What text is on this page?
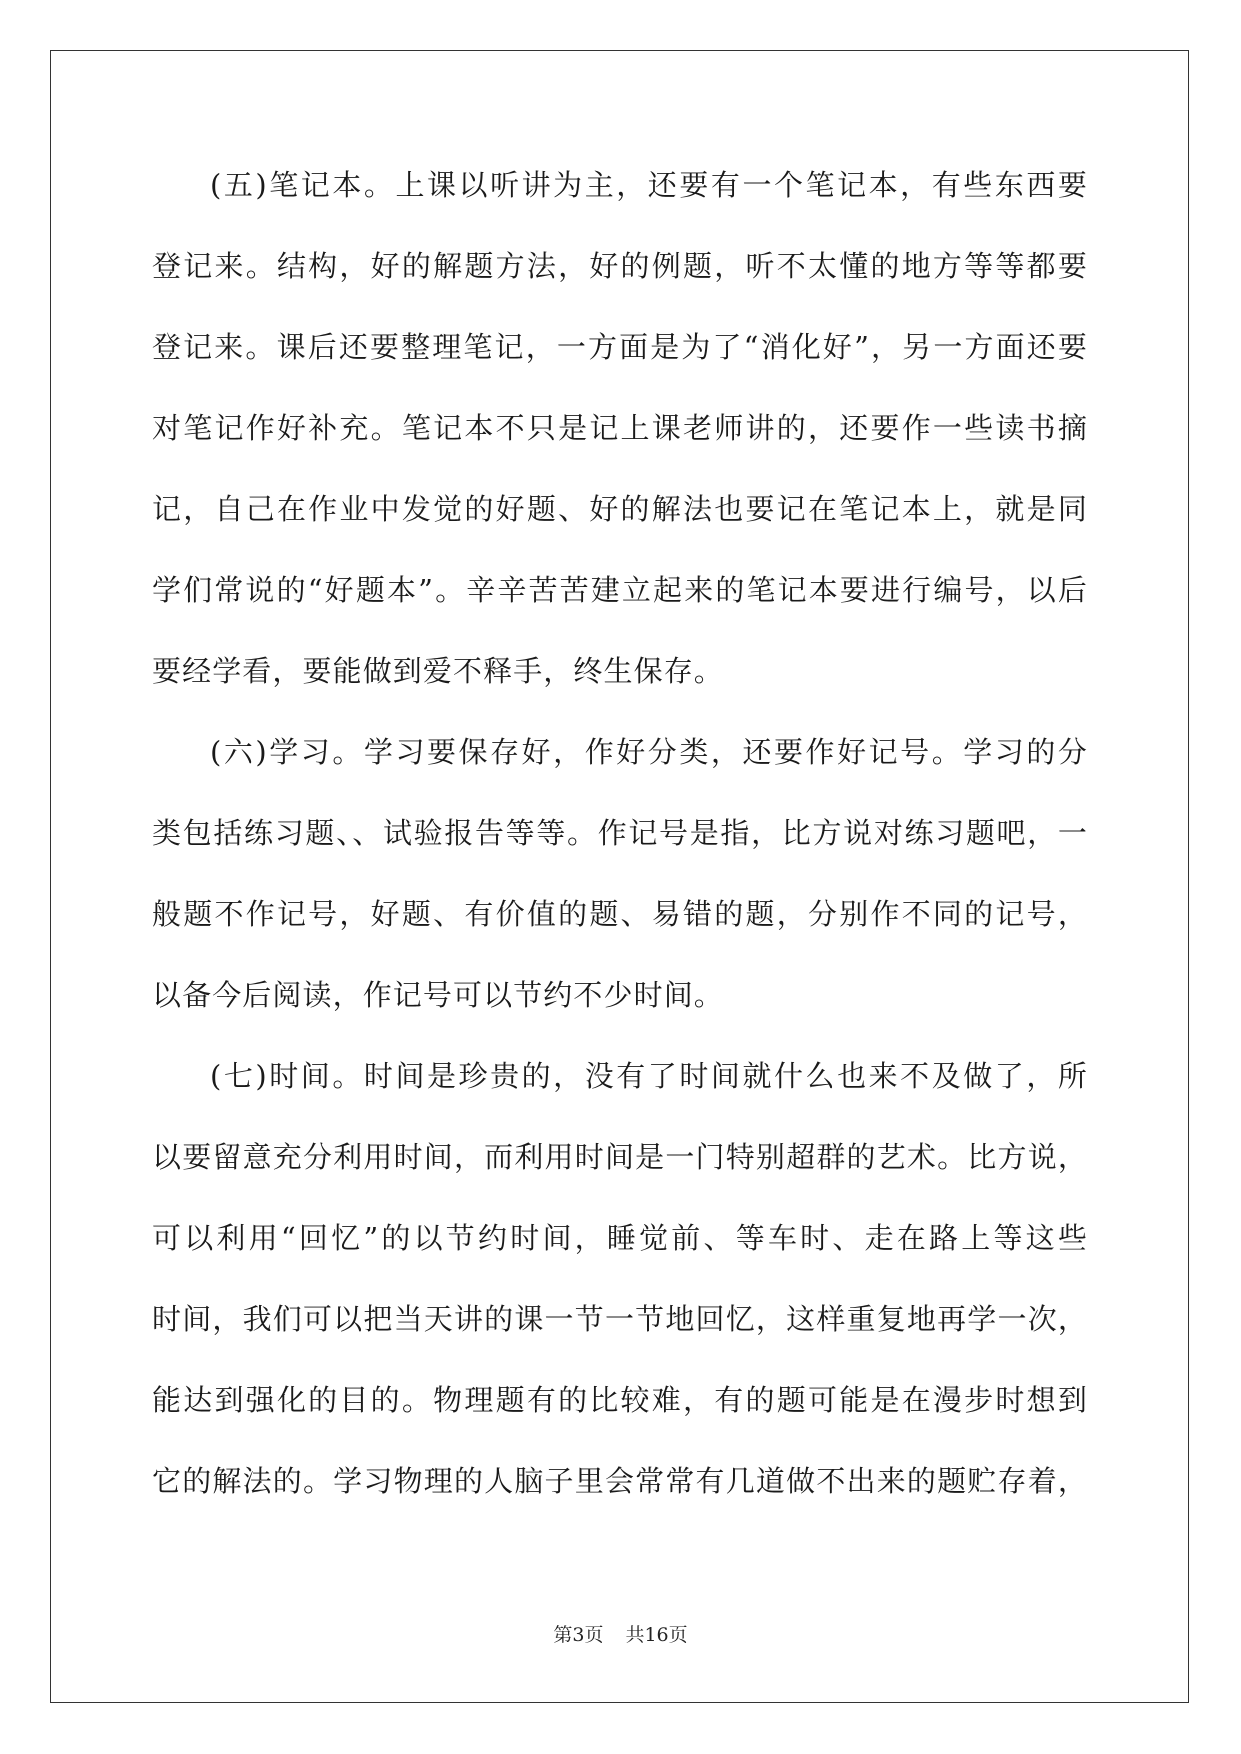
(五)笔记本。上课以听讲为主，还要有一个笔记本，有些东西要
登记来。结构，好的解题方法，好的例题，听不太懂的地方等等都要
登记来。课后还要整理笔记，一方面是为了“消化好”，另一方面还要
对笔记作好补充。笔记本不只是记上课老师讲的，还要作一些读书摘
记，自己在作业中发觉的好题、好的解法也要记在笔记本上，就是同
学们常说的“好题本”。辛辛苦苦建立起来的笔记本要进行编号，以后
要经学看，要能做到爱不释手，终生保存。
(六)学习。学习要保存好，作好分类，还要作好记号。学习的分
类包括练习题、、试验报告等等。作记号是指，比方说对练习题吧，一
般题不作记号，好题、有价值的题、易错的题，分别作不同的记号，
以备今后阅读，作记号可以节约不少时间。
(七)时间。时间是珍贵的，没有了时间就什么也来不及做了，所
以要留意充分利用时间，而利用时间是一门特别超群的艺术。比方说，
可以利用“回忆”的以节约时间，睡觉前、等车时、走在路上等这些
时间，我们可以把当天讲的课一节一节地回忆，这样重复地再学一次，
能达到强化的目的。物理题有的比较难，有的题可能是在漫步时想到
它的解法的。学习物理的人脑子里会常常有几道做不出来的题贮存着，
第3页 共16页
